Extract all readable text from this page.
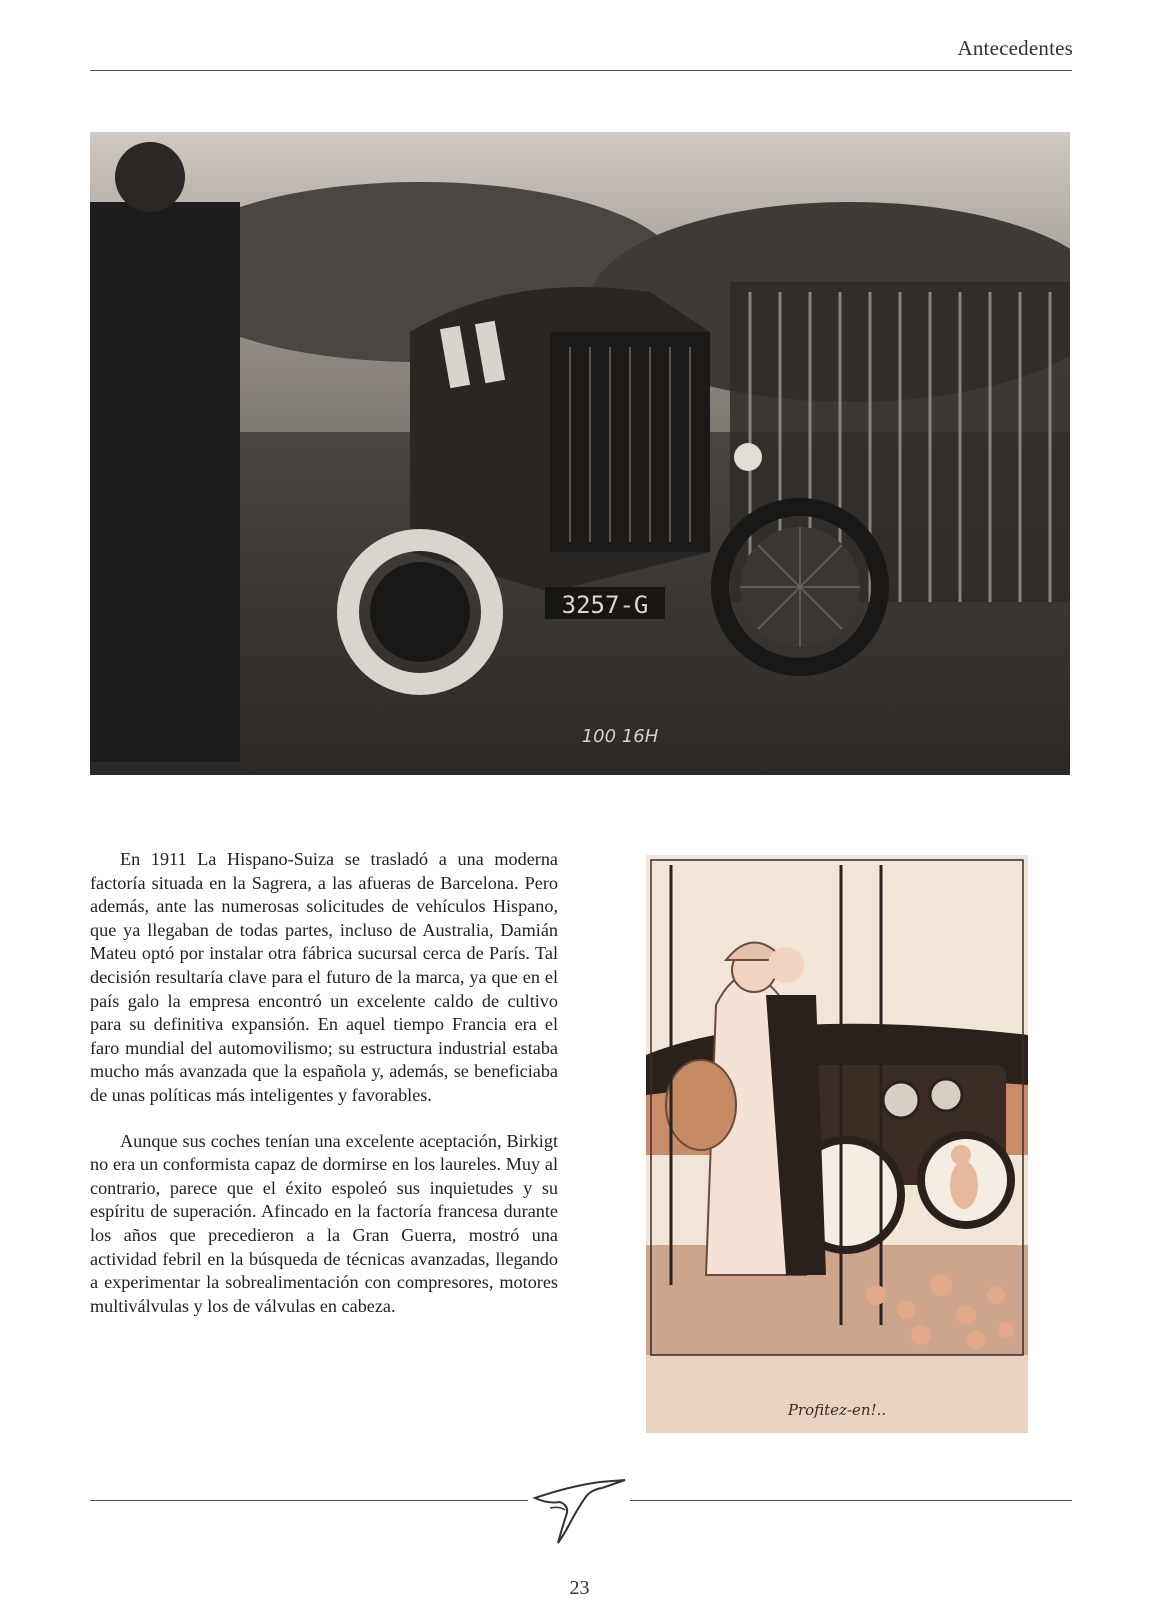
Antecedentes
3257-G
100 16H

En 1911 La Hispano-Suiza se trasladó a una moderna factoría situada en la Sagrera, a las afueras de Barcelona. Pero además, ante las numerosas solicitudes de vehículos Hispano, que ya llegaban de todas partes, incluso de Australia, Damián Mateu optó por instalar otra fábrica sucursal cerca de París. Tal decisión resultaría clave para el futuro de la marca, ya que en el país galo la empresa encontró un excelente caldo de cultivo para su definitiva expansión. En aquel tiempo Francia era el faro mundial del automovilismo; su estructura industrial estaba mucho más avanzada que la española y, además, se beneficiaba de unas políticas más inteligentes y favorables.

Aunque sus coches tenían una excelente aceptación, Birkigt no era un conformista capaz de dormirse en los laureles. Muy al contrario, parece que el éxito espoleó sus inquietudes y su espíritu de superación. Afincado en la factoría francesa durante los años que precedieron a la Gran Guerra, mostró una actividad febril en la búsqueda de técnicas avanzadas, llegando a experimentar la sobrealimentación con compresores, motores multiválvulas y los de válvulas en cabeza.

Profitez-en!..
23
